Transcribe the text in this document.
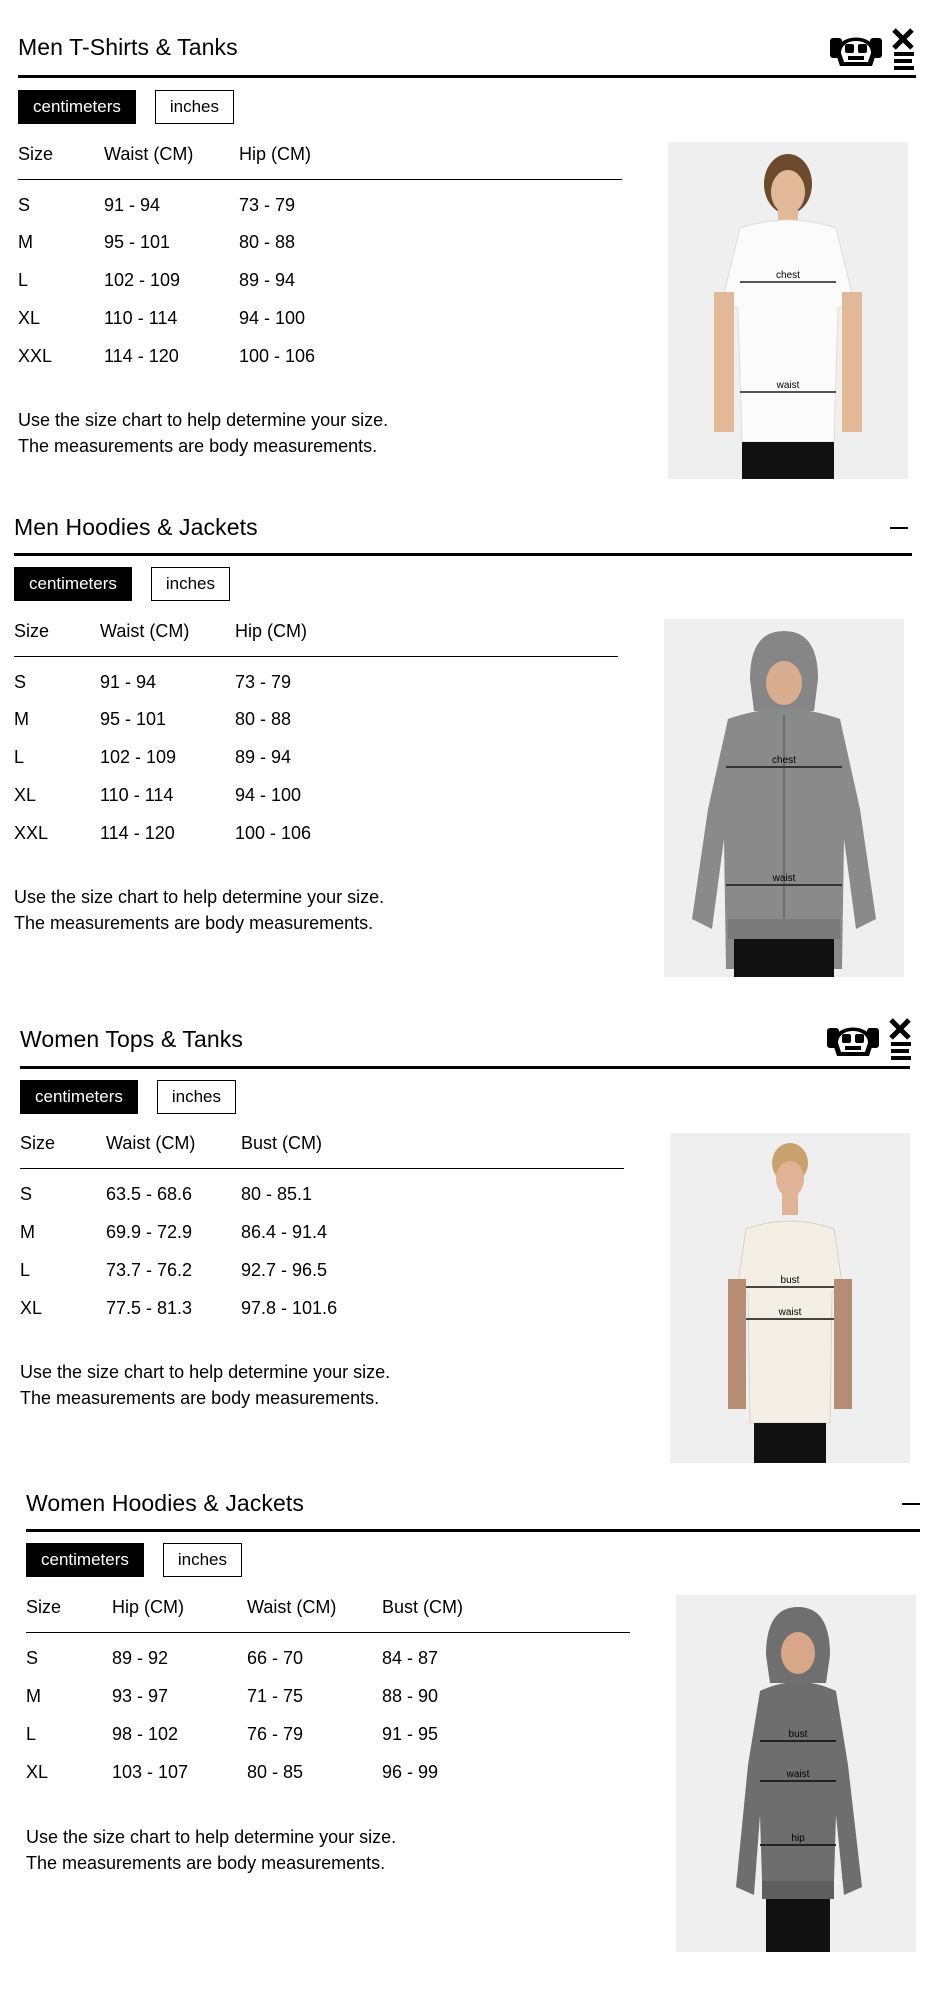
Men T-Shirts & Tanks
centimeters	inches
Size	Waist (CM)	Hip (CM)
S	91 - 94	73 - 79
M	95 - 101	80 - 88
L	102 - 109	89 - 94
XL	110 - 114	94 - 100
XXL	114 - 120	100 - 106
Use the size chart to help determine your size.
The measurements are body measurements.
chest
waist
Men Hoodies & Jackets
centimeters	inches
Size	Waist (CM)	Hip (CM)
S	91 - 94	73 - 79
M	95 - 101	80 - 88
L	102 - 109	89 - 94
XL	110 - 114	94 - 100
XXL	114 - 120	100 - 106
Use the size chart to help determine your size.
The measurements are body measurements.
chest
waist
Women Tops & Tanks
centimeters	inches
Size	Waist (CM)	Bust (CM)
S	63.5 - 68.6	80 - 85.1
M	69.9 - 72.9	86.4 - 91.4
L	73.7 - 76.2	92.7 - 96.5
XL	77.5 - 81.3	97.8 - 101.6
Use the size chart to help determine your size.
The measurements are body measurements.
bust
waist
Women Hoodies & Jackets
centimeters	inches
Size	Hip (CM)	Waist (CM)	Bust (CM)
S	89 - 92	66 - 70	84 - 87
M	93 - 97	71 - 75	88 - 90
L	98 - 102	76 - 79	91 - 95
XL	103 - 107	80 - 85	96 - 99
Use the size chart to help determine your size.
The measurements are body measurements.
bust
waist
hip
